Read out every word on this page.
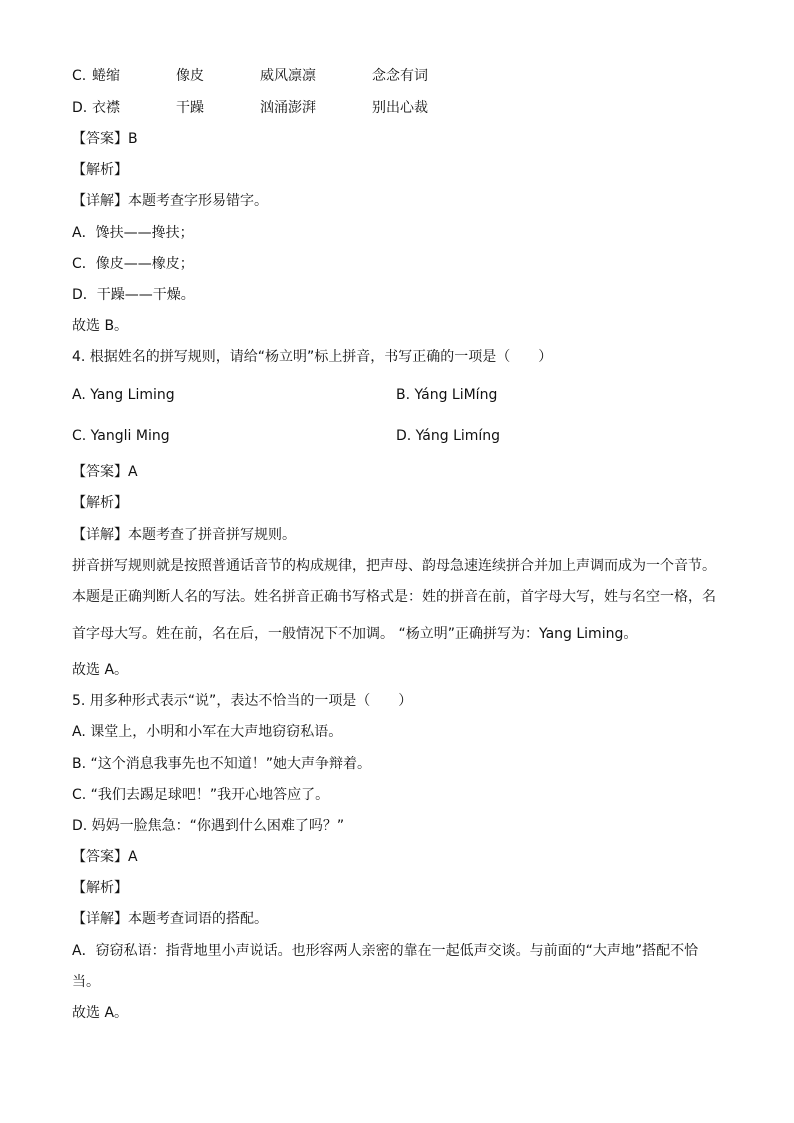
C. 蜷缩	像皮	威风凛凛	念念有词
D. 衣襟	干躁	汹涌澎湃	别出心裁
【答案】B
【解析】
【详解】本题考查字形易错字。
A．馋扶——搀扶；
C．像皮——橡皮；
D．干躁——干燥。
故选 B。
4. 根据姓名的拼写规则，请给“杨立明”标上拼音，书写正确的一项是（　　）
A. Yang Liming	B. Yáng LiMíng
C. Yangli Ming	D. Yáng Limíng
【答案】A
【解析】
【详解】本题考查了拼音拼写规则。
拼音拼写规则就是按照普通话音节的构成规律，把声母、韵母急速连续拼合并加上声调而成为一个音节。
本题是正确判断人名的写法。姓名拼音正确书写格式是：姓的拼音在前，首字母大写，姓与名空一格，名
首字母大写。姓在前，名在后，一般情况下不加调。 “杨立明”正确拼写为：Yang Liming。
故选 A。
5. 用多种形式表示“说”，表达不恰当的一项是（　　）
A. 课堂上，小明和小军在大声地窃窃私语。
B. “这个消息我事先也不知道！”她大声争辩着。
C. “我们去踢足球吧！”我开心地答应了。
D. 妈妈一脸焦急：“你遇到什么困难了吗？”
【答案】A
【解析】
【详解】本题考查词语的搭配。
A．窃窃私语：指背地里小声说话。也形容两人亲密的靠在一起低声交谈。与前面的“大声地”搭配不恰
当。
故选 A。
